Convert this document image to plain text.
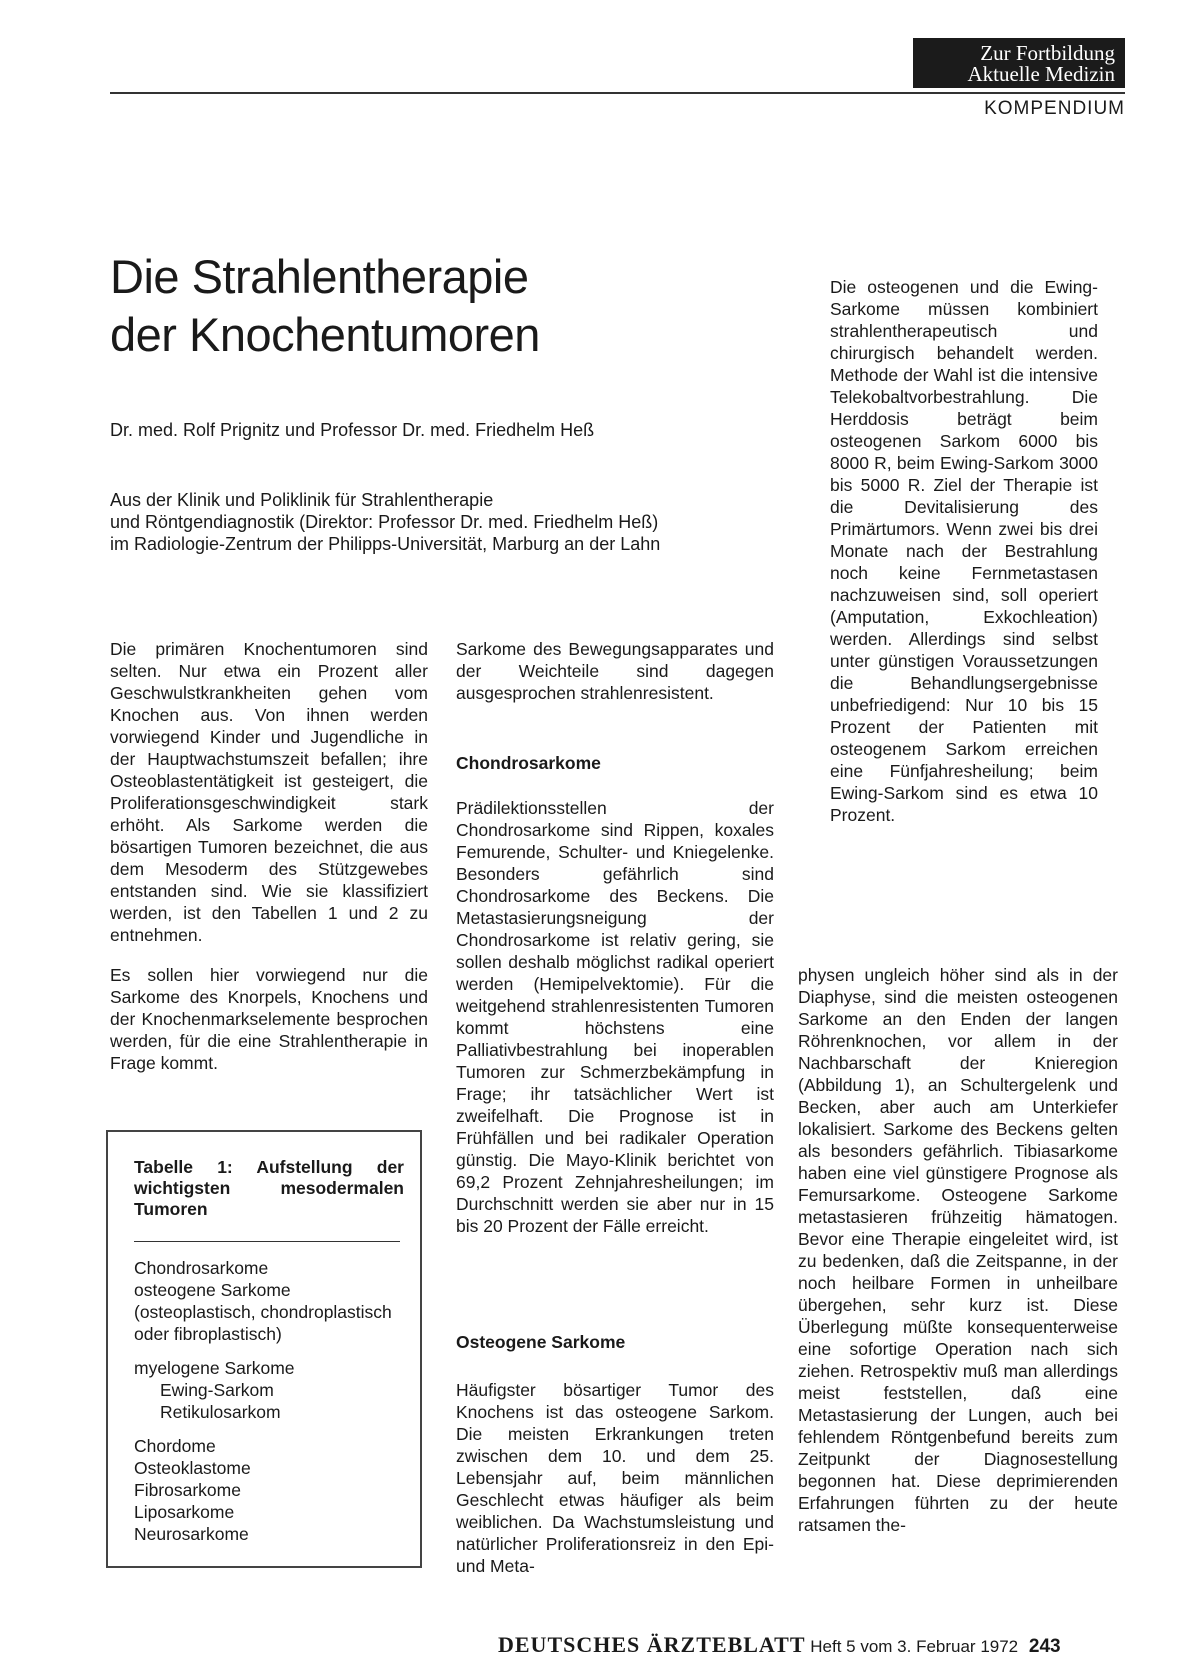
Zur Fortbildung
Aktuelle Medizin
KOMPENDIUM
Die Strahlentherapie
der Knochentumoren
Dr. med. Rolf Prignitz und Professor Dr. med. Friedhelm Heß
Aus der Klinik und Poliklinik für Strahlentherapie
und Röntgendiagnostik (Direktor: Professor Dr. med. Friedhelm Heß)
im Radiologie-Zentrum der Philipps-Universität, Marburg an der Lahn

Die primären Knochentumoren sind selten. Nur etwa ein Prozent aller Geschwulstkrankheiten gehen vom Knochen aus. Von ihnen werden vorwiegend Kinder und Jugendliche in der Hauptwachstumszeit befallen; ihre Osteoblastentätigkeit ist gesteigert, die Proliferationsgeschwindigkeit stark erhöht. Als Sarkome werden die bösartigen Tumoren bezeichnet, die aus dem Mesoderm des Stützgewebes entstanden sind. Wie sie klassifiziert werden, ist den Tabellen 1 und 2 zu entnehmen.

Es sollen hier vorwiegend nur die Sarkome des Knorpels, Knochens und der Knochenmarkselemente besprochen werden, für die eine Strahlentherapie in Frage kommt.

Tabelle 1: Aufstellung der wichtigsten mesodermalen Tumoren
Chondrosarkome
osteogene Sarkome
(osteoplastisch, chondroplastisch oder fibroplastisch)
myelogene Sarkome
Ewing-Sarkom
Retikulosarkom
Chordome
Osteoklastome
Fibrosarkome
Liposarkome
Neurosarkome

Sarkome des Bewegungsapparates und der Weichteile sind dagegen ausgesprochen strahlenresistent.

Chondrosarkome

Prädilektionsstellen der Chondrosarkome sind Rippen, koxales Femurende, Schulter- und Kniegelenke. Besonders gefährlich sind Chondrosarkome des Beckens. Die Metastasierungsneigung der Chondrosarkome ist relativ gering, sie sollen deshalb möglichst radikal operiert werden (Hemipelvektomie). Für die weitgehend strahlenresistenten Tumoren kommt höchstens eine Palliativbestrahlung bei inoperablen Tumoren zur Schmerzbekämpfung in Frage; ihr tatsächlicher Wert ist zweifelhaft. Die Prognose ist in Frühfällen und bei radikaler Operation günstig. Die Mayo-Klinik berichtet von 69,2 Prozent Zehnjahresheilungen; im Durchschnitt werden sie aber nur in 15 bis 20 Prozent der Fälle erreicht.

Osteogene Sarkome

Häufigster bösartiger Tumor des Knochens ist das osteogene Sarkom. Die meisten Erkrankungen treten zwischen dem 10. und dem 25. Lebensjahr auf, beim männlichen Geschlecht etwas häufiger als beim weiblichen. Da Wachstumsleistung und natürlicher Proliferationsreiz in den Epi- und Meta-

Die osteogenen und die Ewing-Sarkome müssen kombiniert strahlentherapeutisch und chirurgisch behandelt werden. Methode der Wahl ist die intensive Telekobaltvorbestrahlung. Die Herddosis beträgt beim osteogenen Sarkom 6000 bis 8000 R, beim Ewing-Sarkom 3000 bis 5000 R. Ziel der Therapie ist die Devitalisierung des Primärtumors. Wenn zwei bis drei Monate nach der Bestrahlung noch keine Fernmetastasen nachzuweisen sind, soll operiert (Amputation, Exkochleation) werden. Allerdings sind selbst unter günstigen Voraussetzungen die Behandlungsergebnisse unbefriedigend: Nur 10 bis 15 Prozent der Patienten mit osteogenem Sarkom erreichen eine Fünfjahresheilung; beim Ewing-Sarkom sind es etwa 10 Prozent.

physen ungleich höher sind als in der Diaphyse, sind die meisten osteogenen Sarkome an den Enden der langen Röhrenknochen, vor allem in der Nachbarschaft der Knieregion (Abbildung 1), an Schultergelenk und Becken, aber auch am Unterkiefer lokalisiert. Sarkome des Beckens gelten als besonders gefährlich. Tibiasarkome haben eine viel günstigere Prognose als Femursarkome. Osteogene Sarkome metastasieren frühzeitig hämatogen. Bevor eine Therapie eingeleitet wird, ist zu bedenken, daß die Zeitspanne, in der noch heilbare Formen in unheilbare übergehen, sehr kurz ist. Diese Überlegung müßte konsequenterweise eine sofortige Operation nach sich ziehen. Retrospektiv muß man allerdings meist feststellen, daß eine Metastasierung der Lungen, auch bei fehlendem Röntgenbefund bereits zum Zeitpunkt der Diagnosestellung begonnen hat. Diese deprimierenden Erfahrungen führten zu der heute ratsamen the-

DEUTSCHES ÄRZTEBLATT Heft 5 vom 3. Februar 1972 243
